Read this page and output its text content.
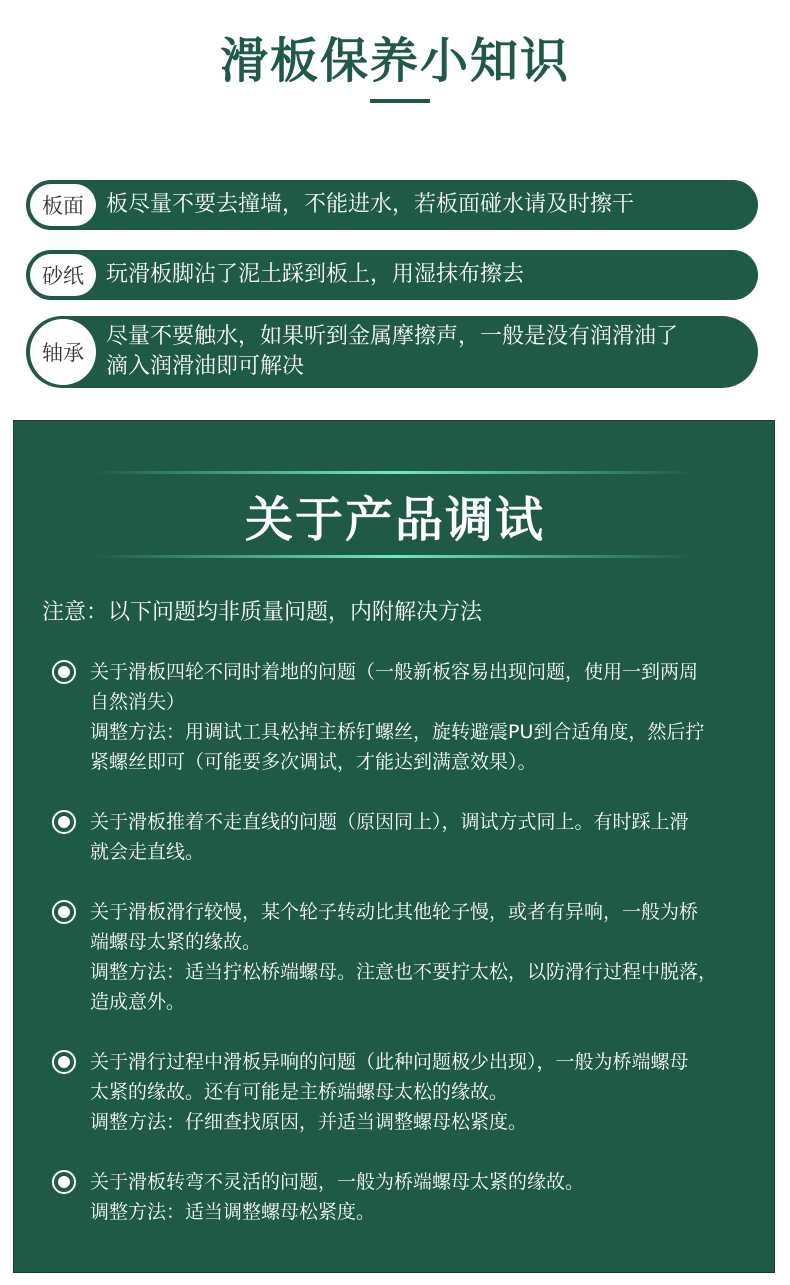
滑板保养小知识
板面 板尽量不要去撞墙，不能进水，若板面碰水请及时擦干
砂纸 玩滑板脚沾了泥土踩到板上，用湿抹布擦去
轴承
尽量不要触水，如果听到金属摩擦声，一般是没有润滑油了
滴入润滑油即可解决
关于产品调试
注意：以下问题均非质量问题，内附解决方法
关于滑板四轮不同时着地的问题（一般新板容易出现问题，使用一到两周
自然消失）
调整方法：用调试工具松掉主桥钉螺丝，旋转避震PU到合适角度，然后拧
紧螺丝即可（可能要多次调试，才能达到满意效果）。
关于滑板推着不走直线的问题（原因同上），调试方式同上。有时踩上滑
就会走直线。
关于滑板滑行较慢，某个轮子转动比其他轮子慢，或者有异响，一般为桥
端螺母太紧的缘故。
调整方法：适当拧松桥端螺母。注意也不要拧太松，以防滑行过程中脱落，
造成意外。
关于滑行过程中滑板异响的问题（此种问题极少出现），一般为桥端螺母
太紧的缘故。还有可能是主桥端螺母太松的缘故。
调整方法：仔细查找原因，并适当调整螺母松紧度。
关于滑板转弯不灵活的问题，一般为桥端螺母太紧的缘故。
调整方法：适当调整螺母松紧度。
